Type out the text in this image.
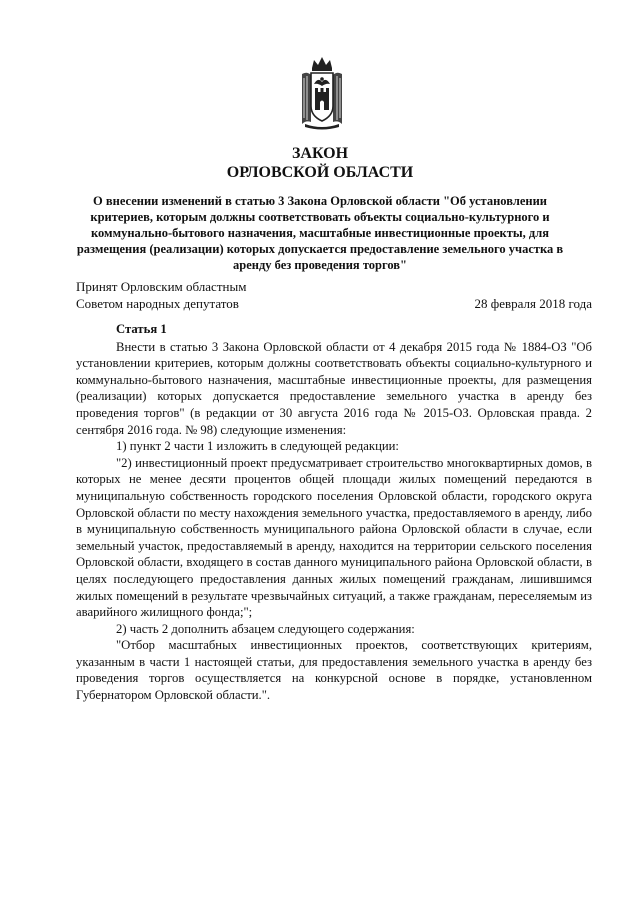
ЗАКОН
ОРЛОВСКОЙ ОБЛАСТИ
О внесении изменений в статью 3 Закона Орловской области "Об установлении критериев, которым должны соответствовать объекты социально-культурного и коммунально-бытового назначения, масштабные инвестиционные проекты, для размещения (реализации) которых допускается предоставление земельного участка в аренду без проведения торгов"
Принят Орловским областным
Советом народных депутатов	28 февраля 2018 года

Статья 1

Внести в статью 3 Закона Орловской области от 4 декабря 2015 года № 1884-ОЗ "Об установлении критериев, которым должны соответствовать объекты социально-культурного и коммунально-бытового назначения, масштабные инвестиционные проекты, для размещения (реализации) которых допускается предоставление земельного участка в аренду без проведения торгов" (в редакции от 30 августа 2016 года № 2015-ОЗ. Орловская правда. 2 сентября 2016 года. № 98) следующие изменения:

1) пункт 2 части 1 изложить в следующей редакции:

"2) инвестиционный проект предусматривает строительство многоквартирных домов, в которых не менее десяти процентов общей площади жилых помещений передаются в муниципальную собственность городского поселения Орловской области, городского округа Орловской области по месту нахождения земельного участка, предоставляемого в аренду, либо в муниципальную собственность муниципального района Орловской области в случае, если земельный участок, предоставляемый в аренду, находится на территории сельского поселения Орловской области, входящего в состав данного муниципального района Орловской области, в целях последующего предоставления данных жилых помещений гражданам, лишившимся жилых помещений в результате чрезвычайных ситуаций, а также гражданам, переселяемым из аварийного жилищного фонда;";

2) часть 2 дополнить абзацем следующего содержания:

"Отбор масштабных инвестиционных проектов, соответствующих критериям, указанным в части 1 настоящей статьи, для предоставления земельного участка в аренду без проведения торгов осуществляется на конкурсной основе в порядке, установленном Губернатором Орловской области.".
